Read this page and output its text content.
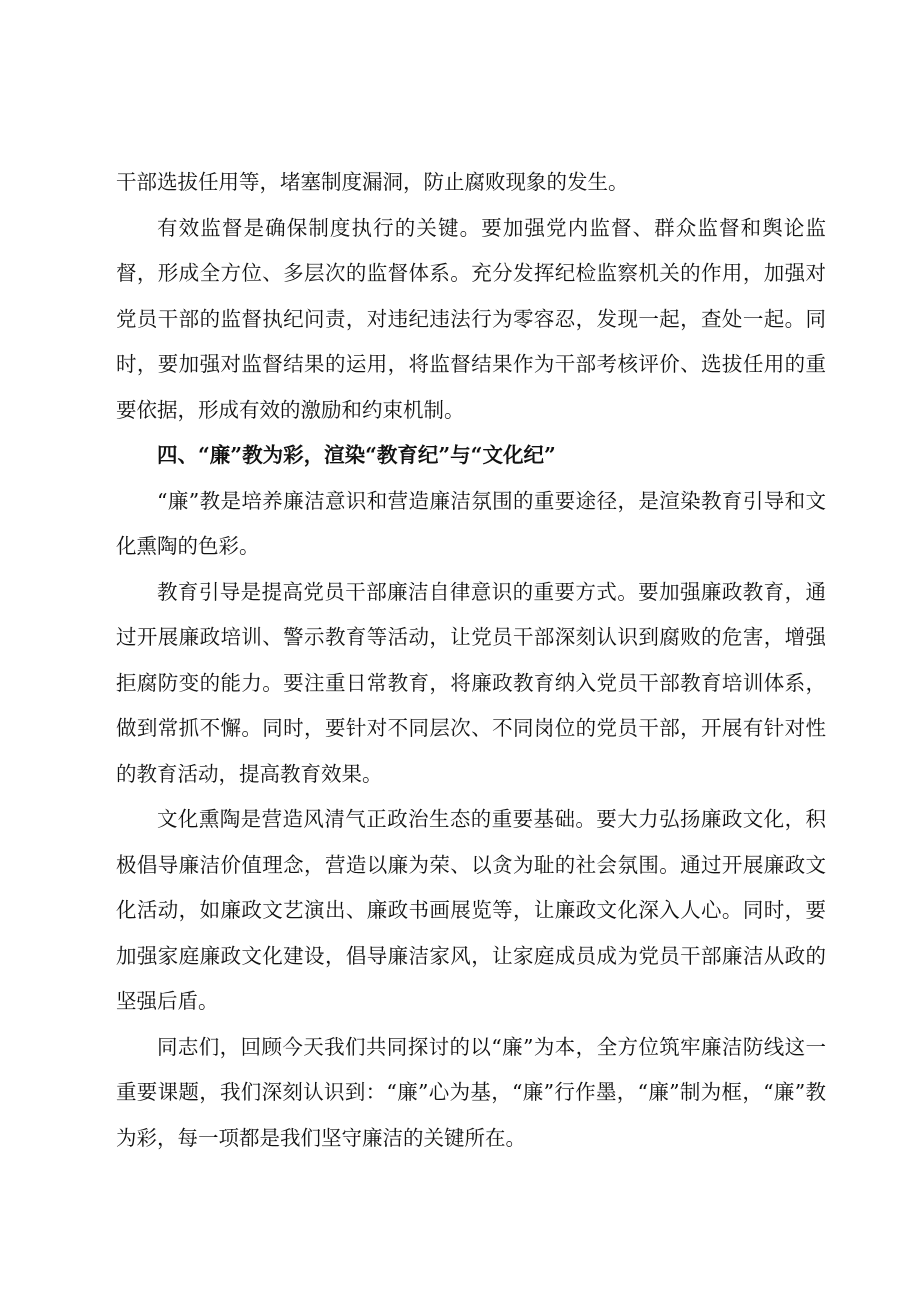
干部选拔任用等，堵塞制度漏洞，防止腐败现象的发生。

有效监督是确保制度执行的关键。要加强党内监督、群众监督和舆论监督，形成全方位、多层次的监督体系。充分发挥纪检监察机关的作用，加强对党员干部的监督执纪问责，对违纪违法行为零容忍，发现一起，查处一起。同时，要加强对监督结果的运用，将监督结果作为干部考核评价、选拔任用的重要依据，形成有效的激励和约束机制。

四、“廉”教为彩，渲染“教育纪”与“文化纪”

“廉”教是培养廉洁意识和营造廉洁氛围的重要途径，是渲染教育引导和文化熏陶的色彩。

教育引导是提高党员干部廉洁自律意识的重要方式。要加强廉政教育，通过开展廉政培训、警示教育等活动，让党员干部深刻认识到腐败的危害，增强拒腐防变的能力。要注重日常教育，将廉政教育纳入党员干部教育培训体系，做到常抓不懈。同时，要针对不同层次、不同岗位的党员干部，开展有针对性的教育活动，提高教育效果。

文化熏陶是营造风清气正政治生态的重要基础。要大力弘扬廉政文化，积极倡导廉洁价值理念，营造以廉为荣、以贪为耻的社会氛围。通过开展廉政文化活动，如廉政文艺演出、廉政书画展览等，让廉政文化深入人心。同时，要加强家庭廉政文化建设，倡导廉洁家风，让家庭成员成为党员干部廉洁从政的坚强后盾。

同志们，回顾今天我们共同探讨的以“廉”为本，全方位筑牢廉洁防线这一重要课题，我们深刻认识到：“廉”心为基，“廉”行作墨，“廉”制为框，“廉”教为彩，每一项都是我们坚守廉洁的关键所在。
